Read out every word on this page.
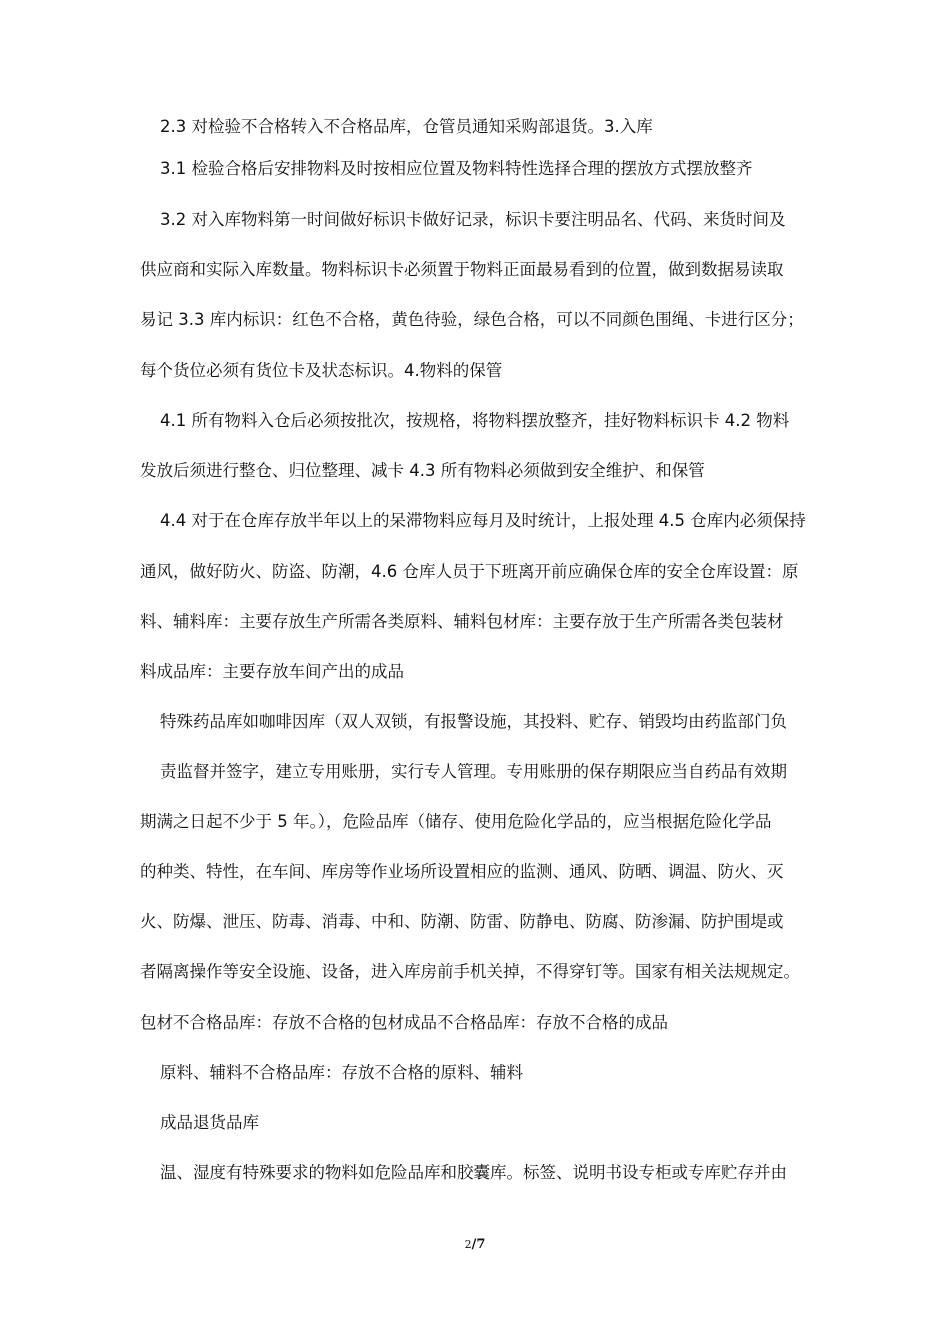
2.3 对检验不合格转入不合格品库，仓管员通知采购部退货。3.入库
3.1 检验合格后安排物料及时按相应位置及物料特性选择合理的摆放方式摆放整齐
3.2 对入库物料第一时间做好标识卡做好记录，标识卡要注明品名、代码、来货时间及
供应商和实际入库数量。物料标识卡必须置于物料正面最易看到的位置，做到数据易读取
易记 3.3 库内标识：红色不合格，黄色待验，绿色合格，可以不同颜色围绳、卡进行区分；
每个货位必须有货位卡及状态标识。4.物料的保管
4.1 所有物料入仓后必须按批次，按规格，将物料摆放整齐，挂好物料标识卡 4.2 物料
发放后须进行整仓、归位整理、减卡 4.3 所有物料必须做到安全维护、和保管
4.4 对于在仓库存放半年以上的呆滞物料应每月及时统计，上报处理 4.5 仓库内必须保持
通风，做好防火、防盗、防潮，4.6 仓库人员于下班离开前应确保仓库的安全仓库设置：原
料、辅料库：主要存放生产所需各类原料、辅料包材库：主要存放于生产所需各类包装材
料成品库：主要存放车间产出的成品
特殊药品库如咖啡因库（双人双锁，有报警设施，其投料、贮存、销毁均由药监部门负
责监督并签字，建立专用账册，实行专人管理。专用账册的保存期限应当自药品有效期
期满之日起不少于 5 年。），危险品库（储存、使用危险化学品的，应当根据危险化学品
的种类、特性，在车间、库房等作业场所设置相应的监测、通风、防晒、调温、防火、灭
火、防爆、泄压、防毒、消毒、中和、防潮、防雷、防静电、防腐、防渗漏、防护围堤或
者隔离操作等安全设施、设备，进入库房前手机关掉，不得穿钉等。国家有相关法规规定。
包材不合格品库：存放不合格的包材成品不合格品库：存放不合格的成品
原料、辅料不合格品库：存放不合格的原料、辅料
成品退货品库
温、湿度有特殊要求的物料如危险品库和胶囊库。标签、说明书设专柜或专库贮存并由
2/7
